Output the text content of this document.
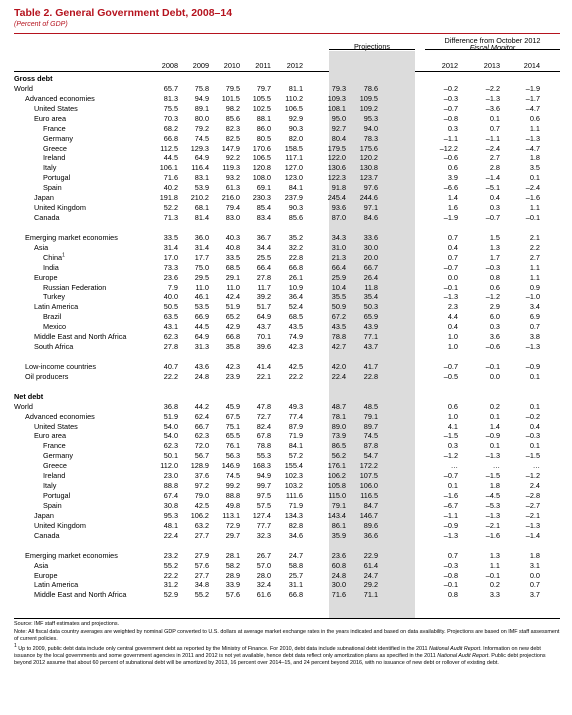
Table 2. General Government Debt, 2008–14
(Percent of GDP)
Difference from October 2012
Fiscal Monitor
Projections
2008	2009	2010	2011	2012	2012	2013	2014
Gross debt
World	65.7	75.8	79.5	79.7	81.1	79.3	78.6	–0.2	–2.2	–1.9
Advanced economies	81.3	94.9	101.5	105.5	110.2	109.3	109.5	–0.3	–1.3	–1.7
United States	75.5	89.1	98.2	102.5	106.5	108.1	109.2	–0.7	–3.6	–4.7
Euro area	70.3	80.0	85.6	88.1	92.9	95.0	95.3	–0.8	0.1	0.6
France	68.2	79.2	82.3	86.0	90.3	92.7	94.0	0.3	0.7	1.1
Germany	66.8	74.5	82.5	80.5	82.0	80.4	78.3	–1.1	–1.1	–1.3
Greece	112.5	129.3	147.9	170.6	158.5	179.5	175.6	–12.2	–2.4	–4.7
Ireland	44.5	64.9	92.2	106.5	117.1	122.0	120.2	–0.6	2.7	1.8
Italy	106.1	116.4	119.3	120.8	127.0	130.6	130.8	0.6	2.8	3.5
Portugal	71.6	83.1	93.2	108.0	123.0	122.3	123.7	3.9	–1.4	0.1
Spain	40.2	53.9	61.3	69.1	84.1	91.8	97.6	–6.6	–5.1	–2.4
Japan	191.8	210.2	216.0	230.3	237.9	245.4	244.6	1.4	0.4	–1.6
United Kingdom	52.2	68.1	79.4	85.4	90.3	93.6	97.1	1.6	0.3	1.1
Canada	71.3	81.4	83.0	83.4	85.6	87.0	84.6	–1.9	–0.7	–0.1
Emerging market economies	33.5	36.0	40.3	36.7	35.2	34.3	33.6	0.7	1.5	2.1
Asia	31.4	31.4	40.8	34.4	32.2	31.0	30.0	0.4	1.3	2.2
China$^1$	17.0	17.7	33.5	25.5	22.8	21.3	20.0	0.7	1.7	2.7
India	73.3	75.0	68.5	66.4	66.8	66.4	66.7	–0.7	–0.3	1.1
Europe	23.6	29.5	29.1	27.8	26.1	25.9	26.4	0.0	0.8	1.1
Russian Federation	7.9	11.0	11.0	11.7	10.9	10.4	11.8	–0.1	0.6	0.9
Turkey	40.0	46.1	42.4	39.2	36.4	35.5	35.4	–1.3	–1.2	–1.0
Latin America	50.5	53.5	51.9	51.7	52.4	50.9	50.3	2.3	2.9	3.4
Brazil	63.5	66.9	65.2	64.9	68.5	67.2	65.9	4.4	6.0	6.9
Mexico	43.1	44.5	42.9	43.7	43.5	43.5	43.9	0.4	0.3	0.7
Middle East and North Africa	62.3	64.9	66.8	70.1	74.9	78.8	77.1	1.0	3.6	3.8
South Africa	27.8	31.3	35.8	39.6	42.3	42.7	43.7	1.0	–0.6	–1.3
Low-income countries	40.7	43.6	42.3	41.4	42.5	42.0	41.7	–0.7	–0.1	–0.9
Oil producers	22.2	24.8	23.9	22.1	22.2	22.4	22.8	–0.5	0.0	0.1
Net debt
World	36.8	44.2	45.9	47.8	49.3	48.7	48.5	0.6	0.2	0.1
Advanced economies	51.9	62.4	67.5	72.7	77.4	78.1	79.1	1.0	0.1	–0.2
United States	54.0	66.7	75.1	82.4	87.9	89.0	89.7	4.1	1.4	0.4
Euro area	54.0	62.3	65.5	67.8	71.9	73.9	74.5	–1.5	–0.9	–0.3
France	62.3	72.0	76.1	78.8	84.1	86.5	87.8	0.3	0.1	0.1
Germany	50.1	56.7	56.3	55.3	57.2	56.2	54.7	–1.2	–1.3	–1.5
Greece	112.0	128.9	146.9	168.3	155.4	176.1	172.2	…	…	…
Ireland	23.0	37.6	74.5	94.9	102.3	106.2	107.5	–0.7	–1.5	–1.2
Italy	88.8	97.2	99.2	99.7	103.2	105.8	106.0	0.1	1.8	2.4
Portugal	67.4	79.0	88.8	97.5	111.6	115.0	116.5	–1.6	–4.5	–2.8
Spain	30.8	42.5	49.8	57.5	71.9	79.1	84.7	–6.7	–5.3	–2.7
Japan	95.3	106.2	113.1	127.4	134.3	143.4	146.7	–1.1	–1.3	–2.1
United Kingdom	48.1	63.2	72.9	77.7	82.8	86.1	89.6	–0.9	–2.1	–1.3
Canada	22.4	27.7	29.7	32.3	34.6	35.9	36.6	–1.3	–1.6	–1.4
Emerging market economies	23.2	27.9	28.1	26.7	24.7	23.6	22.9	0.7	1.3	1.8
Asia	55.2	57.6	58.2	57.0	58.8	60.8	61.4	–0.3	1.1	3.1
Europe	22.2	27.7	28.9	28.0	25.7	24.8	24.7	–0.8	–0.1	0.0
Latin America	31.2	34.8	33.9	32.4	31.1	30.0	29.2	–0.1	0.2	0.7
Middle East and North Africa	52.9	55.2	57.6	61.6	66.8	71.6	71.1	0.8	3.3	3.7
Source: IMF staff estimates and projections.
Note: All fiscal data country averages are weighted by nominal GDP converted to U.S. dollars at average market exchange rates in the years indicated and based on data availability. Projections are based on IMF staff assessment of current policies.
$^1$ Up to 2009, public debt data include only central government debt as reported by the Ministry of Finance. For 2010, debt data include subnational debt identified in the 2011 National Audit Report. Information on new debt issuance by the local governments and some government agencies in 2011 and 2012 is not yet available, hence debt data reflect only amortization plans as specified in the 2011 National Audit Report. Public debt projections beyond 2012 assume that about 60 percent of subnational debt will be amortized by 2013, 16 percent over 2014–15, and 24 percent beyond 2016, with no issuance of new debt or rollover of existing debt.
